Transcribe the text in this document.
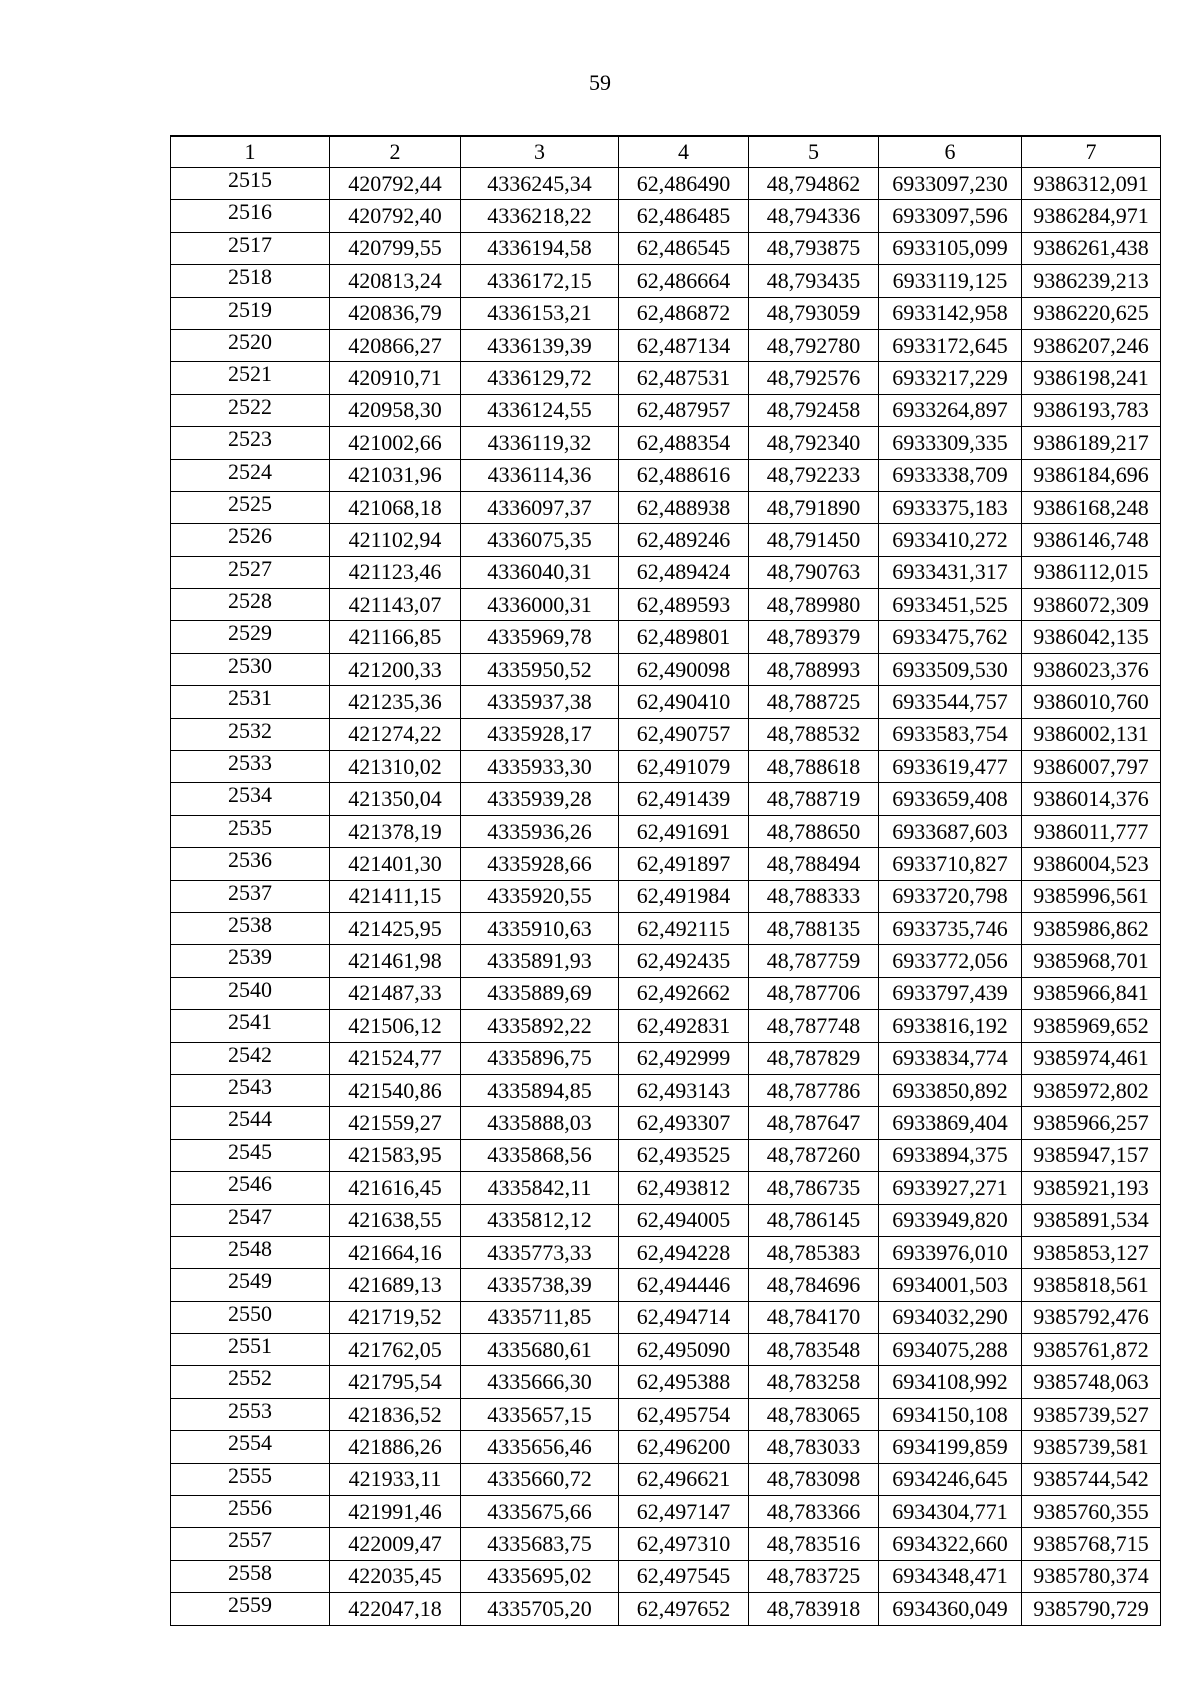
59
1	2	3	4	5	6	7
2515	420792,44	4336245,34	62,486490	48,794862	6933097,230	9386312,091
2516	420792,40	4336218,22	62,486485	48,794336	6933097,596	9386284,971
2517	420799,55	4336194,58	62,486545	48,793875	6933105,099	9386261,438
2518	420813,24	4336172,15	62,486664	48,793435	6933119,125	9386239,213
2519	420836,79	4336153,21	62,486872	48,793059	6933142,958	9386220,625
2520	420866,27	4336139,39	62,487134	48,792780	6933172,645	9386207,246
2521	420910,71	4336129,72	62,487531	48,792576	6933217,229	9386198,241
2522	420958,30	4336124,55	62,487957	48,792458	6933264,897	9386193,783
2523	421002,66	4336119,32	62,488354	48,792340	6933309,335	9386189,217
2524	421031,96	4336114,36	62,488616	48,792233	6933338,709	9386184,696
2525	421068,18	4336097,37	62,488938	48,791890	6933375,183	9386168,248
2526	421102,94	4336075,35	62,489246	48,791450	6933410,272	9386146,748
2527	421123,46	4336040,31	62,489424	48,790763	6933431,317	9386112,015
2528	421143,07	4336000,31	62,489593	48,789980	6933451,525	9386072,309
2529	421166,85	4335969,78	62,489801	48,789379	6933475,762	9386042,135
2530	421200,33	4335950,52	62,490098	48,788993	6933509,530	9386023,376
2531	421235,36	4335937,38	62,490410	48,788725	6933544,757	9386010,760
2532	421274,22	4335928,17	62,490757	48,788532	6933583,754	9386002,131
2533	421310,02	4335933,30	62,491079	48,788618	6933619,477	9386007,797
2534	421350,04	4335939,28	62,491439	48,788719	6933659,408	9386014,376
2535	421378,19	4335936,26	62,491691	48,788650	6933687,603	9386011,777
2536	421401,30	4335928,66	62,491897	48,788494	6933710,827	9386004,523
2537	421411,15	4335920,55	62,491984	48,788333	6933720,798	9385996,561
2538	421425,95	4335910,63	62,492115	48,788135	6933735,746	9385986,862
2539	421461,98	4335891,93	62,492435	48,787759	6933772,056	9385968,701
2540	421487,33	4335889,69	62,492662	48,787706	6933797,439	9385966,841
2541	421506,12	4335892,22	62,492831	48,787748	6933816,192	9385969,652
2542	421524,77	4335896,75	62,492999	48,787829	6933834,774	9385974,461
2543	421540,86	4335894,85	62,493143	48,787786	6933850,892	9385972,802
2544	421559,27	4335888,03	62,493307	48,787647	6933869,404	9385966,257
2545	421583,95	4335868,56	62,493525	48,787260	6933894,375	9385947,157
2546	421616,45	4335842,11	62,493812	48,786735	6933927,271	9385921,193
2547	421638,55	4335812,12	62,494005	48,786145	6933949,820	9385891,534
2548	421664,16	4335773,33	62,494228	48,785383	6933976,010	9385853,127
2549	421689,13	4335738,39	62,494446	48,784696	6934001,503	9385818,561
2550	421719,52	4335711,85	62,494714	48,784170	6934032,290	9385792,476
2551	421762,05	4335680,61	62,495090	48,783548	6934075,288	9385761,872
2552	421795,54	4335666,30	62,495388	48,783258	6934108,992	9385748,063
2553	421836,52	4335657,15	62,495754	48,783065	6934150,108	9385739,527
2554	421886,26	4335656,46	62,496200	48,783033	6934199,859	9385739,581
2555	421933,11	4335660,72	62,496621	48,783098	6934246,645	9385744,542
2556	421991,46	4335675,66	62,497147	48,783366	6934304,771	9385760,355
2557	422009,47	4335683,75	62,497310	48,783516	6934322,660	9385768,715
2558	422035,45	4335695,02	62,497545	48,783725	6934348,471	9385780,374
2559	422047,18	4335705,20	62,497652	48,783918	6934360,049	9385790,729
